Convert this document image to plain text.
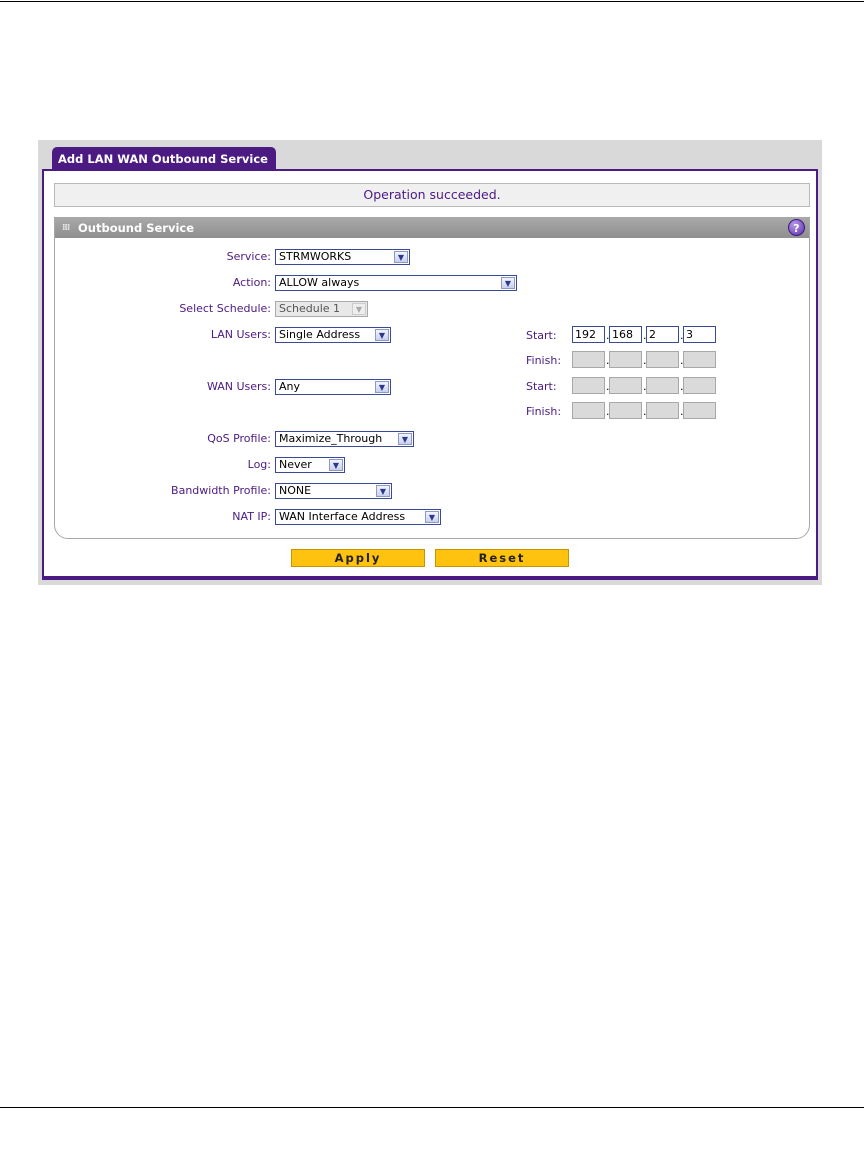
Add LAN WAN Outbound Service
Operation succeeded.
⁞⁞⁞ Outbound Service	?
Service: STRMWORKS	▼
Action: ALLOW always	▼
Select Schedule: Schedule 1	▼
LAN Users: Single Address	▼	Start: 192 . 168 . 2	. 3
Finish:	.	.	.
WAN Users: Any	▼	Start:	.	.	.
Finish:	.	.	.
QoS Profile: Maximize_Through	▼
Log: Never	▼
Bandwidth Profile: NONE	▼
NAT IP: WAN Interface Address	▼
Apply	Reset
